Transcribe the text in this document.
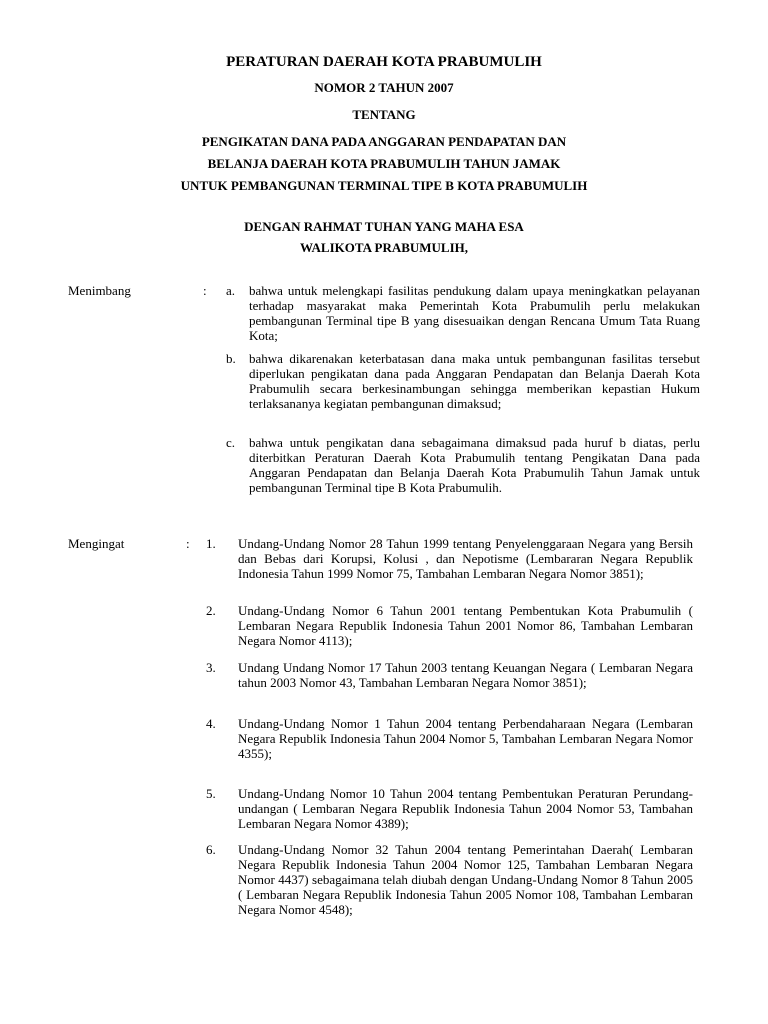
PERATURAN DAERAH KOTA PRABUMULIH
NOMOR 2 TAHUN 2007
TENTANG
PENGIKATAN DANA PADA ANGGARAN PENDAPATAN DAN
BELANJA DAERAH KOTA PRABUMULIH TAHUN JAMAK
UNTUK PEMBANGUNAN TERMINAL TIPE B KOTA PRABUMULIH
DENGAN RAHMAT TUHAN YANG MAHA ESA
WALIKOTA PRABUMULIH,
Menimbang	: a. bahwa untuk melengkapi fasilitas pendukung dalam upaya meningkatkan pelayanan terhadap masyarakat maka Pemerintah Kota Prabumulih perlu melakukan pembangunan Terminal tipe B yang disesuaikan dengan Rencana Umum Tata Ruang Kota;
b. bahwa dikarenakan keterbatasan dana maka untuk pembangunan fasilitas tersebut diperlukan pengikatan dana pada Anggaran Pendapatan dan Belanja Daerah Kota Prabumulih secara berkesinambungan sehingga memberikan kepastian Hukum terlaksananya kegiatan pembangunan dimaksud;
c. bahwa untuk pengikatan dana sebagaimana dimaksud pada huruf b diatas, perlu diterbitkan Peraturan Daerah Kota Prabumulih tentang Pengikatan Dana pada Anggaran Pendapatan dan Belanja Daerah Kota Prabumulih Tahun Jamak untuk pembangunan Terminal tipe B Kota Prabumulih.
Mengingat	: 1. Undang-Undang Nomor 28 Tahun 1999 tentang Penyelenggaraan Negara yang Bersih dan Bebas dari Korupsi, Kolusi , dan Nepotisme (Lembararan Negara Republik Indonesia Tahun 1999 Nomor 75, Tambahan Lembaran Negara Nomor 3851);
2. Undang-Undang Nomor 6 Tahun 2001 tentang Pembentukan Kota Prabumulih ( Lembaran Negara Republik Indonesia Tahun 2001 Nomor 86, Tambahan Lembaran Negara Nomor 4113);
3. Undang Undang Nomor 17 Tahun 2003 tentang Keuangan Negara ( Lembaran Negara tahun 2003 Nomor 43, Tambahan Lembaran Negara Nomor 3851);
4. Undang-Undang Nomor 1 Tahun 2004 tentang Perbendaharaan Negara (Lembaran Negara Republik Indonesia Tahun 2004 Nomor 5, Tambahan Lembaran Negara Nomor 4355);
5. Undang-Undang Nomor 10 Tahun 2004 tentang Pembentukan Peraturan Perundang-undangan ( Lembaran Negara Republik Indonesia Tahun 2004 Nomor 53, Tambahan Lembaran Negara Nomor 4389);
6. Undang-Undang Nomor 32 Tahun 2004 tentang Pemerintahan Daerah( Lembaran Negara Republik Indonesia Tahun 2004 Nomor 125, Tambahan Lembaran Negara Nomor 4437) sebagaimana telah diubah dengan Undang-Undang Nomor 8 Tahun 2005 ( Lembaran Negara Republik Indonesia Tahun 2005 Nomor 108, Tambahan Lembaran Negara Nomor 4548);
